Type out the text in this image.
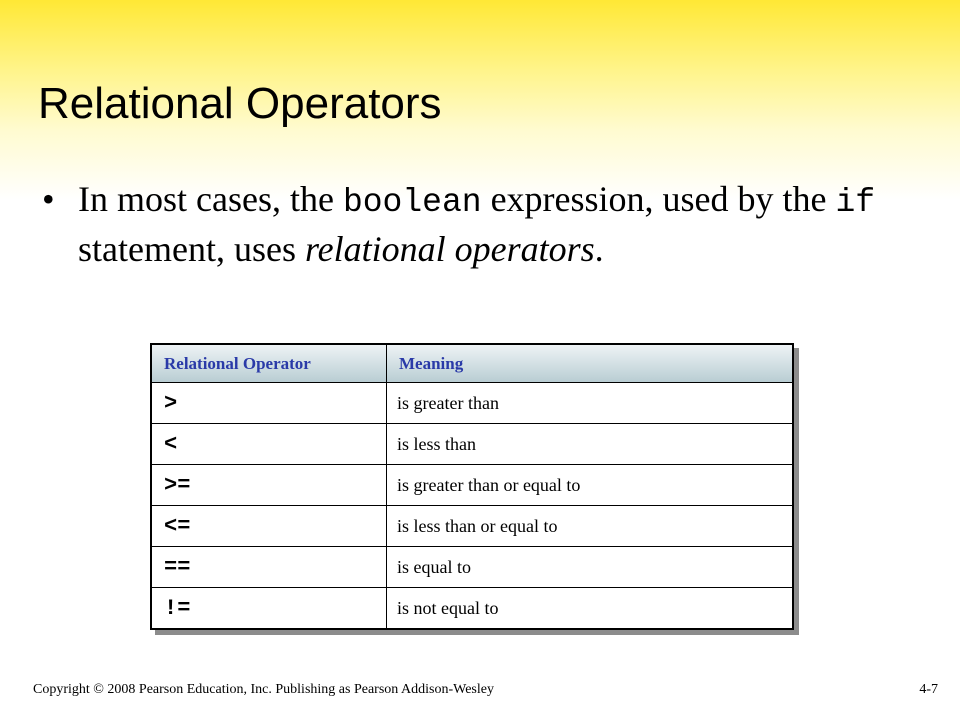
Relational Operators
• In most cases, the boolean expression, used by the if statement, uses relational operators.
Relational Operator	Meaning
>	is greater than
<	is less than
>=	is greater than or equal to
<=	is less than or equal to
==	is equal to
!=	is not equal to
Copyright © 2008 Pearson Education, Inc. Publishing as Pearson Addison-Wesley	4-7
